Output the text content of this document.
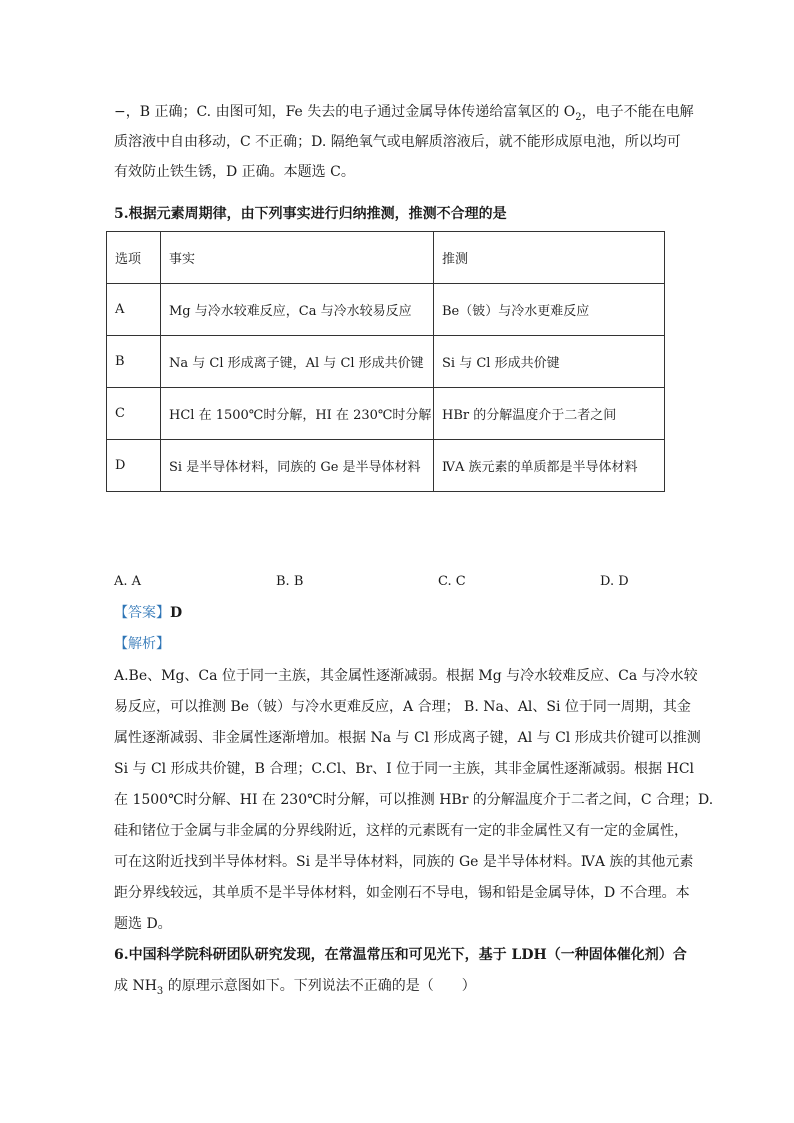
−，B 正确；C. 由图可知，Fe 失去的电子通过金属导体传递给富氧区的 $O_2$，电子不能在电解
质溶液中自由移动，C 不正确；D. 隔绝氧气或电解质溶液后，就不能形成原电池，所以均可
有效防止铁生锈，D 正确。本题选 C。
5.根据元素周期律，由下列事实进行归纳推测，推测不合理的是
选项	事实	推测
A	Mg 与冷水较难反应，Ca 与冷水较易反应	Be（铍）与冷水更难反应
B	Na 与 Cl 形成离子键，Al 与 Cl 形成共价键	Si 与 Cl 形成共价键
C	HCl 在 1500℃时分解，HI 在 230℃时分解	HBr 的分解温度介于二者之间
D	Si 是半导体材料，同族的 Ge 是半导体材料	ⅣA 族元素的单质都是半导体材料
A. A	B. B	C. C	D. D
【答案】D
【解析】
A.Be、Mg、Ca 位于同一主族，其金属性逐渐减弱。根据 Mg 与冷水较难反应、Ca 与冷水较
易反应，可以推测 Be（铍）与冷水更难反应，A 合理； B. Na、Al、Si 位于同一周期，其金
属性逐渐减弱、非金属性逐渐增加。根据 Na 与 Cl 形成离子键，Al 与 Cl 形成共价键可以推测
Si 与 Cl 形成共价键，B 合理；C.Cl、Br、I 位于同一主族，其非金属性逐渐减弱。根据 HCl
在 1500℃时分解、HI 在 230℃时分解，可以推测 HBr 的分解温度介于二者之间，C 合理；D.
硅和锗位于金属与非金属的分界线附近，这样的元素既有一定的非金属性又有一定的金属性，
可在这附近找到半导体材料。Si 是半导体材料，同族的 Ge 是半导体材料。ⅣA 族的其他元素
距分界线较远，其单质不是半导体材料，如金刚石不导电，锡和铅是金属导体，D 不合理。本
题选 D。
6.中国科学院科研团队研究发现，在常温常压和可见光下，基于 LDH（一种固体催化剂）合
成 $NH_3$ 的原理示意图如下。下列说法不正确的是（　　）
